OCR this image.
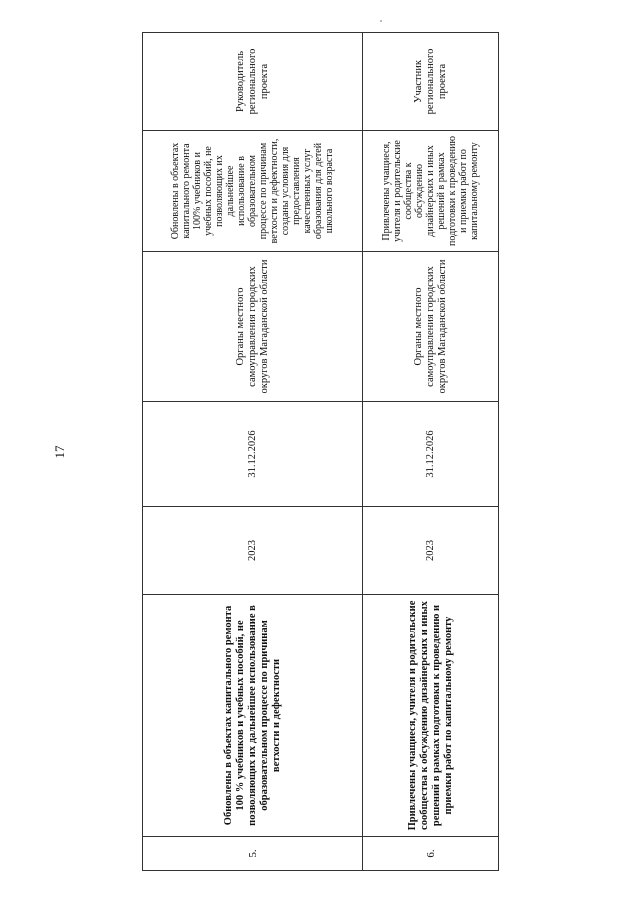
17
5.	Обновлены в объектах капитального ремонта 100 % учебников и учебных пособий, не позволяющих их дальнейшее использование в образовательном процессе по причинам ветхости и дефектности	2023	31.12.2026	Органы местного самоуправления городских округов Магаданской области	Обновлены в объектах капитального ремонта 100% учебников и учебных пособий, не позволяющих их дальнейшее использование в образовательном процессе по причинам ветхости и дефектности, созданы условия для предоставления качественных услуг образования для детей школьного возраста	Руководитель регионального проекта
6.	Привлечены учащиеся, учителя и родительские сообщества к обсуждению дизайнерских и иных решений в рамках подготовки к проведению и приемки работ по капитальному ремонту	2023	31.12.2026	Органы местного самоуправления городских округов Магаданской области	Привлечены учащиеся, учителя и родительские сообщества к обсуждению дизайнерских и иных решений в рамках подготовки к проведению и приемки работ по капитальному ремонту	Участник регионального проекта
